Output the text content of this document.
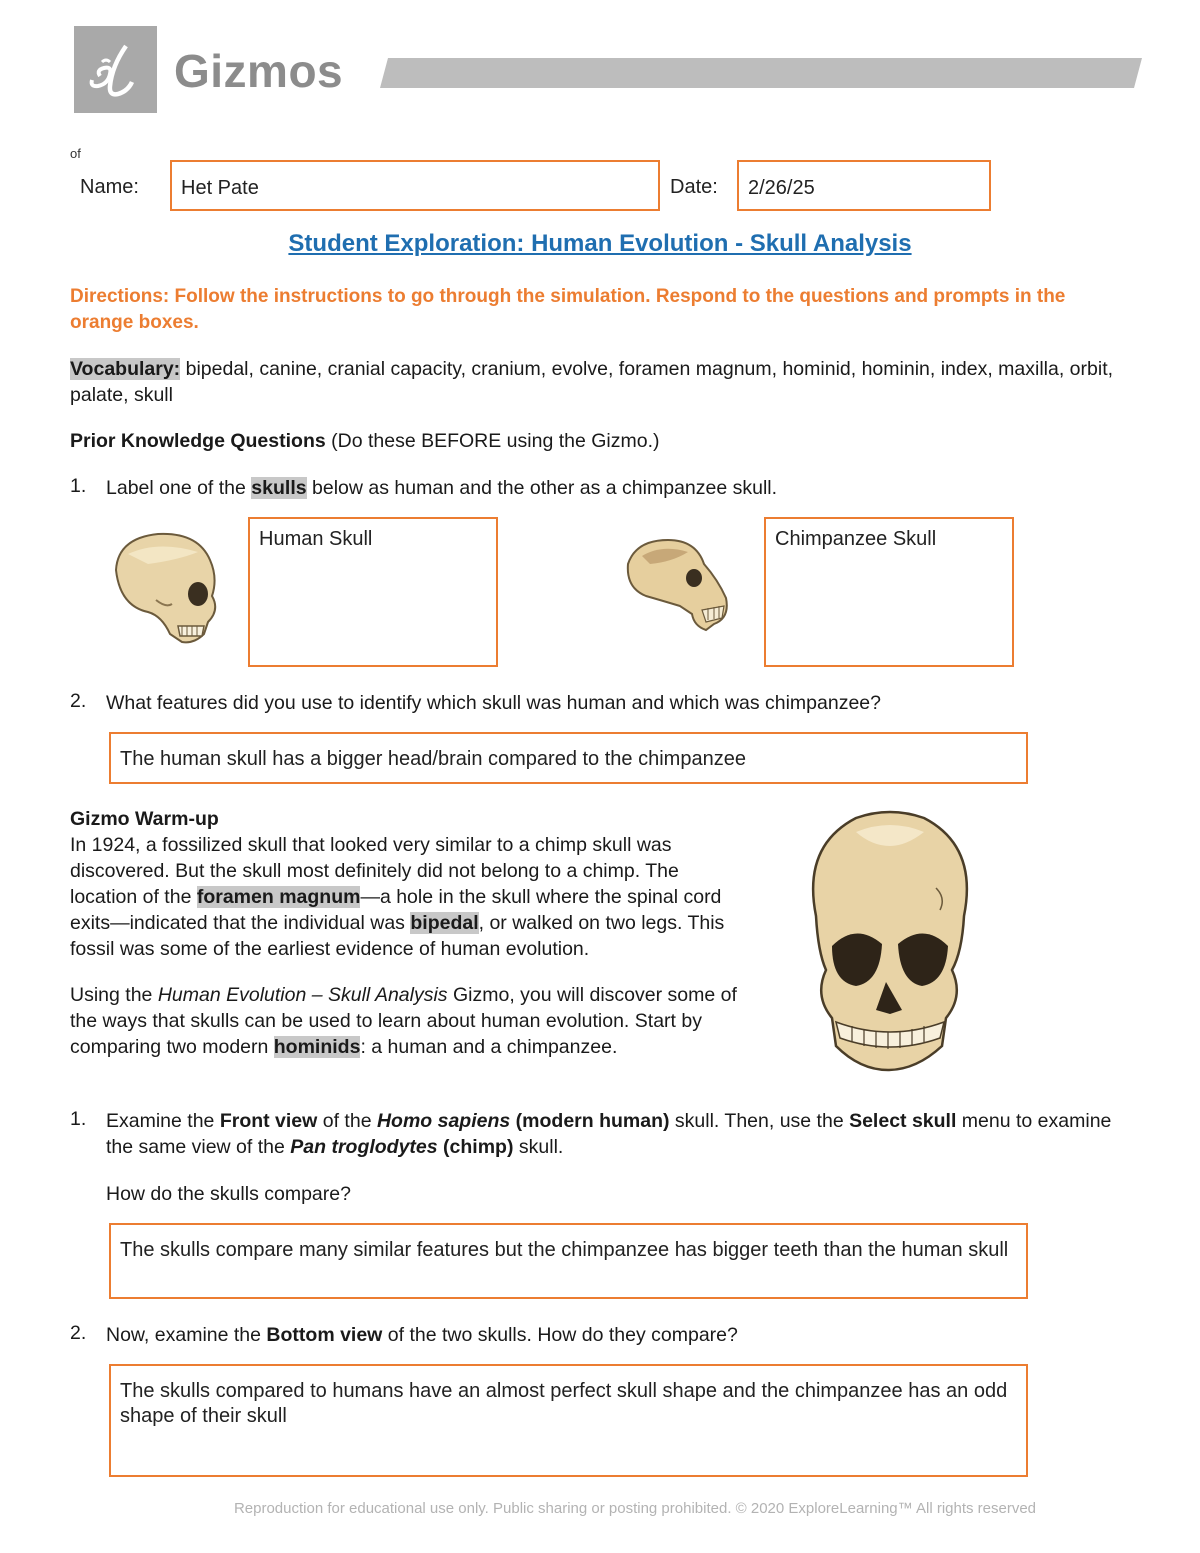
Gizmos
of
Name:	Het Pate	Date:	2/26/25
Student Exploration: Human Evolution - Skull Analysis
Directions: Follow the instructions to go through the simulation. Respond to the questions and prompts in the orange boxes.
Vocabulary: bipedal, canine, cranial capacity, cranium, evolve, foramen magnum, hominid, hominin, index, maxilla, orbit, palate, skull
Prior Knowledge Questions (Do these BEFORE using the Gizmo.)
1. Label one of the skulls below as human and the other as a chimpanzee skull.
Human Skull	Chimpanzee Skull
2. What features did you use to identify which skull was human and which was chimpanzee?
The human skull has a bigger head/brain compared to the chimpanzee
Gizmo Warm-up
In 1924, a fossilized skull that looked very similar to a chimp skull was discovered. But the skull most definitely did not belong to a chimp. The location of the foramen magnum—a hole in the skull where the spinal cord exits—indicated that the individual was bipedal, or walked on two legs. This fossil was some of the earliest evidence of human evolution.
Using the Human Evolution – Skull Analysis Gizmo, you will discover some of the ways that skulls can be used to learn about human evolution. Start by comparing two modern hominids: a human and a chimpanzee.
1. Examine the Front view of the Homo sapiens (modern human) skull. Then, use the Select skull menu to examine the same view of the Pan troglodytes (chimp) skull.
How do the skulls compare?
The skulls compare many similar features but the chimpanzee has bigger teeth than the human skull
2. Now, examine the Bottom view of the two skulls. How do they compare?
The skulls compared to humans have an almost perfect skull shape and the chimpanzee has an odd shape of their skull
Reproduction for educational use only. Public sharing or posting prohibited. © 2020 ExploreLearning™ All rights reserved
